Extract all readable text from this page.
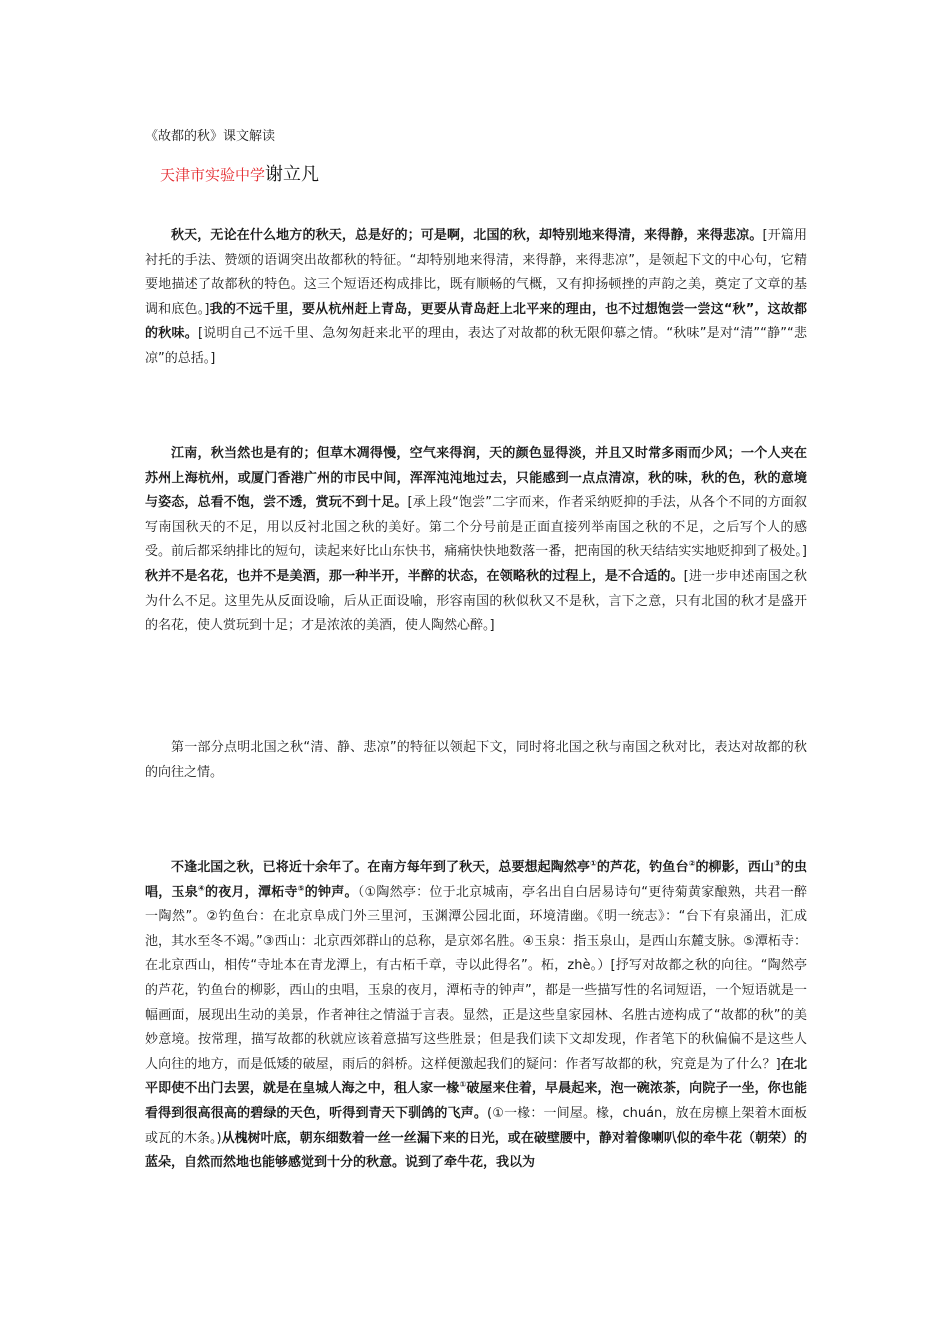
《故都的秋》课文解读
天津市实验中学谢立凡

秋天，无论在什么地方的秋天，总是好的；可是啊，北国的秋，却特别地来得清，来得静，来得悲凉。[开篇用衬托的手法、赞颂的语调突出故都秋的特征。“却特别地来得清，来得静，来得悲凉”，是领起下文的中心句，它精要地描述了故都秋的特色。这三个短语还构成排比，既有顺畅的气概，又有抑扬顿挫的声韵之美，奠定了文章的基调和底色。]我的不远千里，要从杭州赶上青岛，更要从青岛赶上北平来的理由，也不过想饱尝一尝这“秋”，这故都的秋味。[说明自己不远千里、急匆匆赶来北平的理由，表达了对故都的秋无限仰慕之情。“秋味”是对“清”“静”“悲凉”的总括。]

江南，秋当然也是有的；但草木凋得慢，空气来得润，天的颜色显得淡，并且又时常多雨而少风；一个人夹在苏州上海杭州，或厦门香港广州的市民中间，浑浑沌沌地过去，只能感到一点点清凉，秋的味，秋的色，秋的意境与姿态，总看不饱，尝不透，赏玩不到十足。[承上段“饱尝”二字而来，作者采纳贬抑的手法，从各个不同的方面叙写南国秋天的不足，用以反衬北国之秋的美好。第二个分号前是正面直接列举南国之秋的不足，之后写个人的感受。前后都采纳排比的短句，读起来好比山东快书，痛痛快快地数落一番，把南国的秋天结结实实地贬抑到了极处。]秋并不是名花，也并不是美酒，那一种半开，半醉的状态，在领略秋的过程上，是不合适的。[进一步申述南国之秋为什么不足。这里先从反面设喻，后从正面设喻，形容南国的秋似秋又不是秋，言下之意，只有北国的秋才是盛开的名花，使人赏玩到十足；才是浓浓的美酒，使人陶然心醉。]

第一部分点明北国之秋“清、静、悲凉”的特征以领起下文，同时将北国之秋与南国之秋对比，表达对故都的秋的向往之情。

不逢北国之秋，已将近十余年了。在南方每年到了秋天，总要想起陶然亭①的芦花，钓鱼台②的柳影，西山③的虫唱，玉泉④的夜月，潭柘寺⑤的钟声。（①陶然亭：位于北京城南，亭名出自白居易诗句“更待菊黄家酿熟，共君一醉一陶然”。②钓鱼台：在北京阜成门外三里河，玉渊潭公园北面，环境清幽。《明一统志》：“台下有泉涌出，汇成池，其水至冬不竭。”③西山：北京西郊群山的总称，是京郊名胜。④玉泉：指玉泉山，是西山东麓支脉。⑤潭柘寺：在北京西山，相传“寺址本在青龙潭上，有古柘千章，寺以此得名”。柘，zhè。）[抒写对故都之秋的向往。“陶然亭的芦花，钓鱼台的柳影，西山的虫唱，玉泉的夜月，潭柘寺的钟声”，都是一些描写性的名词短语，一个短语就是一幅画面，展现出生动的美景，作者神往之情溢于言表。显然，正是这些皇家园林、名胜古迹构成了“故都的秋”的美妙意境。按常理，描写故都的秋就应该着意描写这些胜景；但是我们读下文却发现，作者笔下的秋偏偏不是这些人人向往的地方，而是低矮的破屋，雨后的斜桥。这样便激起我们的疑问：作者写故都的秋，究竟是为了什么？]在北平即使不出门去罢，就是在皇城人海之中，租人家一椽①破屋来住着，早晨起来，泡一碗浓茶，向院子一坐，你也能看得到很高很高的碧绿的天色，听得到青天下驯鸽的飞声。(①一椽：一间屋。椽，chuán，放在房檩上架着木面板或瓦的木条。)从槐树叶底，朝东细数着一丝一丝漏下来的日光，或在破壁腰中，静对着像喇叭似的牵牛花（朝荣）的蓝朵，自然而然地也能够感觉到十分的秋意。说到了牵牛花，我以为
